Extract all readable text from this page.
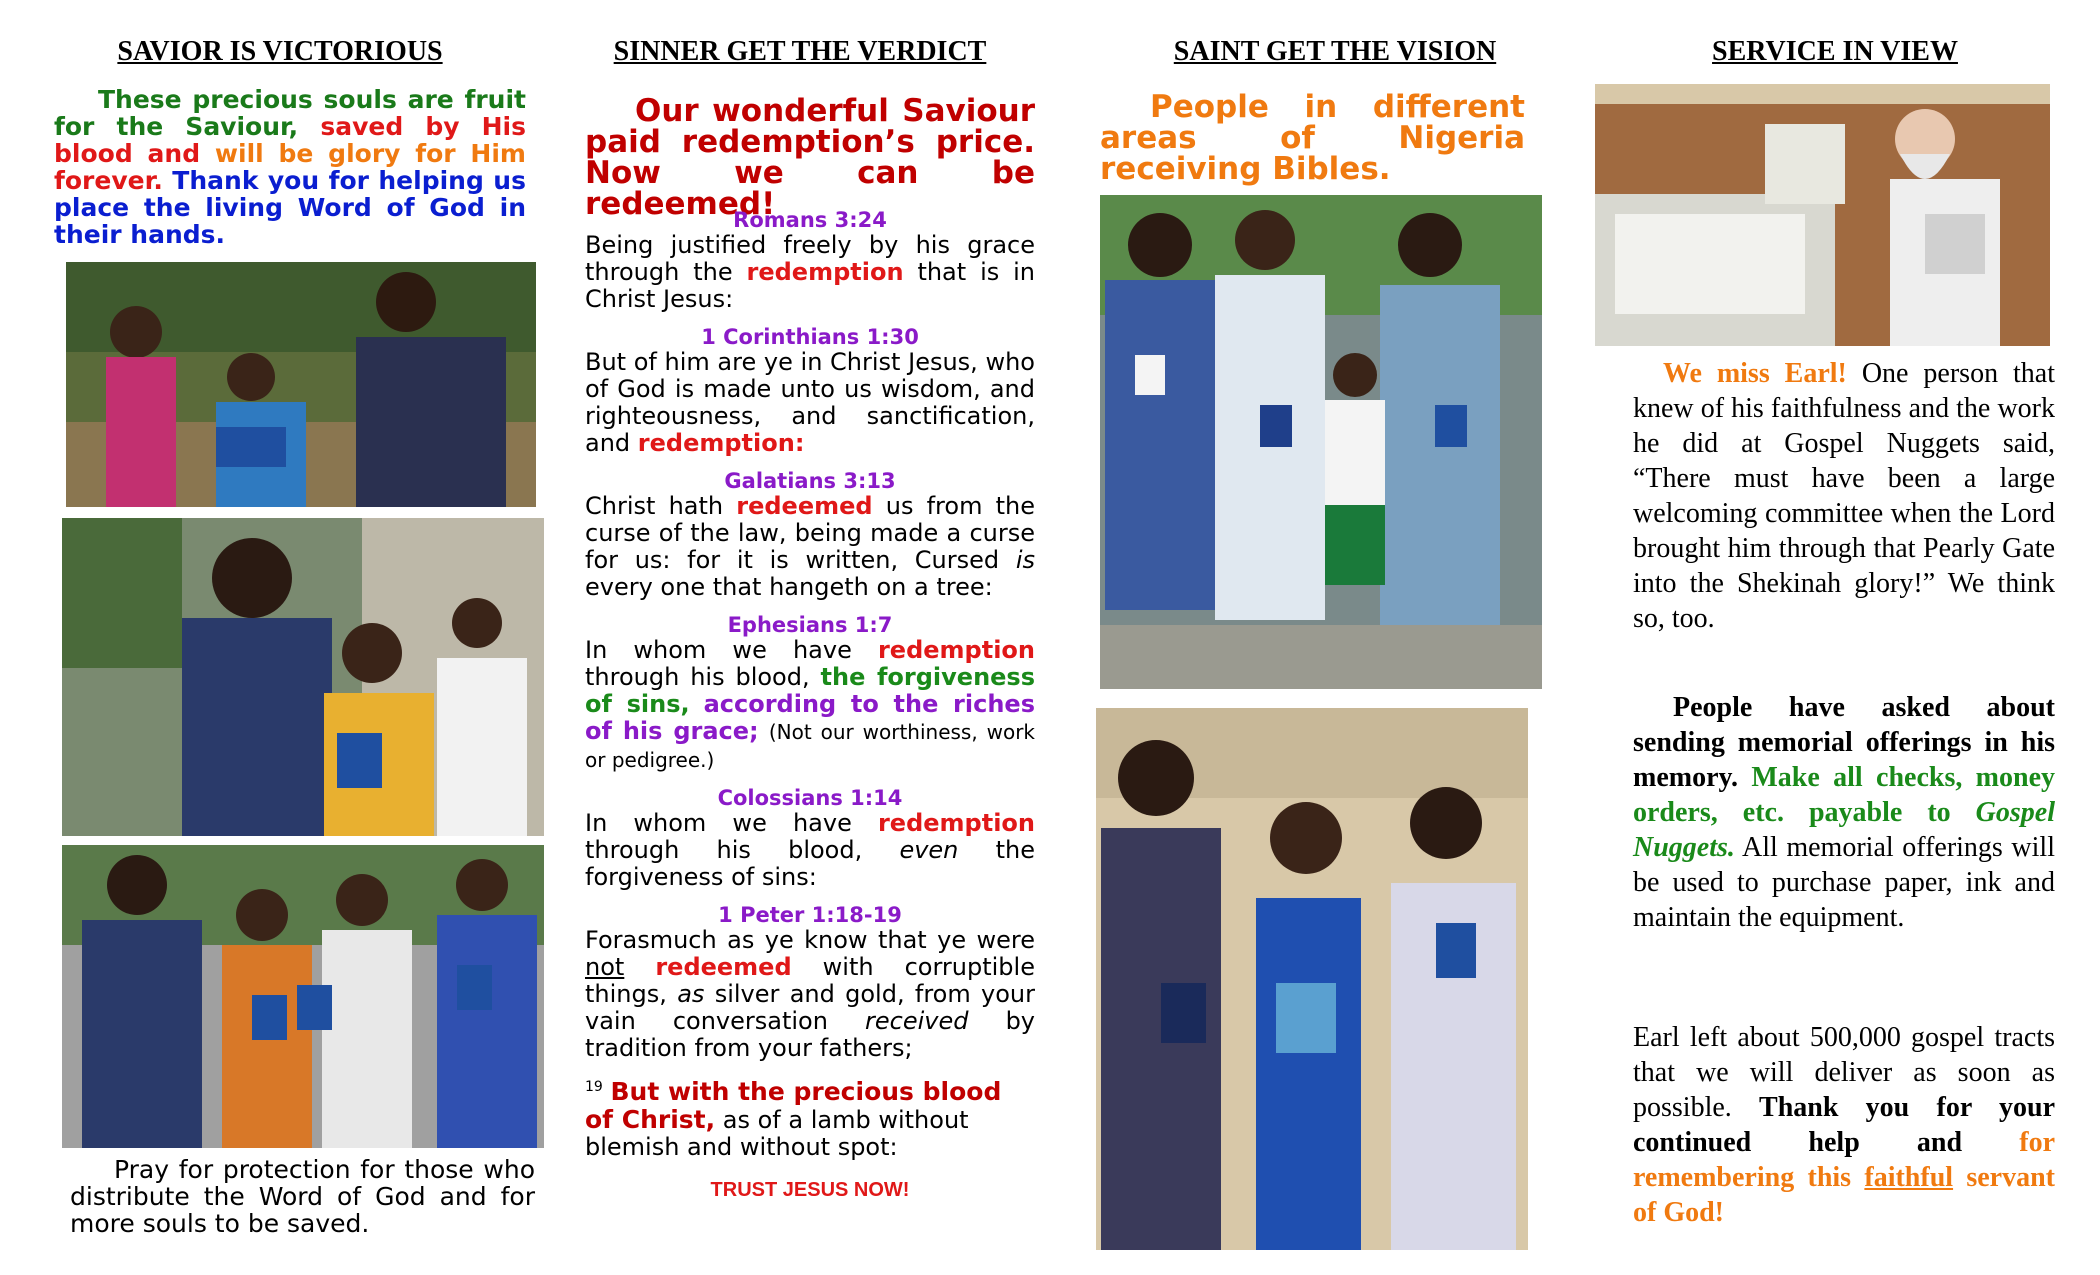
SAVIOR IS VICTORIOUS
These precious souls are fruit for the Saviour, saved by His blood and will be glory for Him forever. Thank you for helping us place the living Word of God in their hands.
Pray for protection for those who distribute the Word of God and for more souls to be saved.
SINNER GET THE VERDICT
Our wonderful Saviour paid redemption’s price. Now we can be redeemed!
Romans 3:24
Being justified freely by his grace through the redemption that is in Christ Jesus:
1 Corinthians 1:30
But of him are ye in Christ Jesus, who of God is made unto us wisdom, and righteousness, and sanctification, and redemption:
Galatians 3:13
Christ hath redeemed us from the curse of the law, being made a curse for us: for it is written, Cursed is every one that hangeth on a tree:
Ephesians 1:7
In whom we have redemption through his blood, the forgiveness of sins, according to the riches of his grace; (Not our worthiness, work or pedigree.)
Colossians 1:14
In whom we have redemption through his blood, even the forgiveness of sins:
1 Peter 1:18-19
Forasmuch as ye know that ye were not redeemed with corruptible things, as silver and gold, from your vain conversation received by tradition from your fathers;
$^{19}$ But with the precious blood of Christ, as of a lamb without blemish and without spot:
TRUST JESUS NOW!
SAINT GET THE VISION
People in different areas of Nigeria receiving Bibles.
SERVICE IN VIEW
We miss Earl! One person that knew of his faithfulness and the work he did at Gospel Nuggets said, “There must have been a large welcoming committee when the Lord brought him through that Pearly Gate into the Shekinah glory!” We think so, too.
People have asked about sending memorial offerings in his memory. Make all checks, money orders, etc. payable to Gospel Nuggets. All memorial offerings will be used to purchase paper, ink and maintain the equipment.
Earl left about 500,000 gospel tracts that we will deliver as soon as possible. Thank you for your continued help and for remembering this faithful servant of God!
